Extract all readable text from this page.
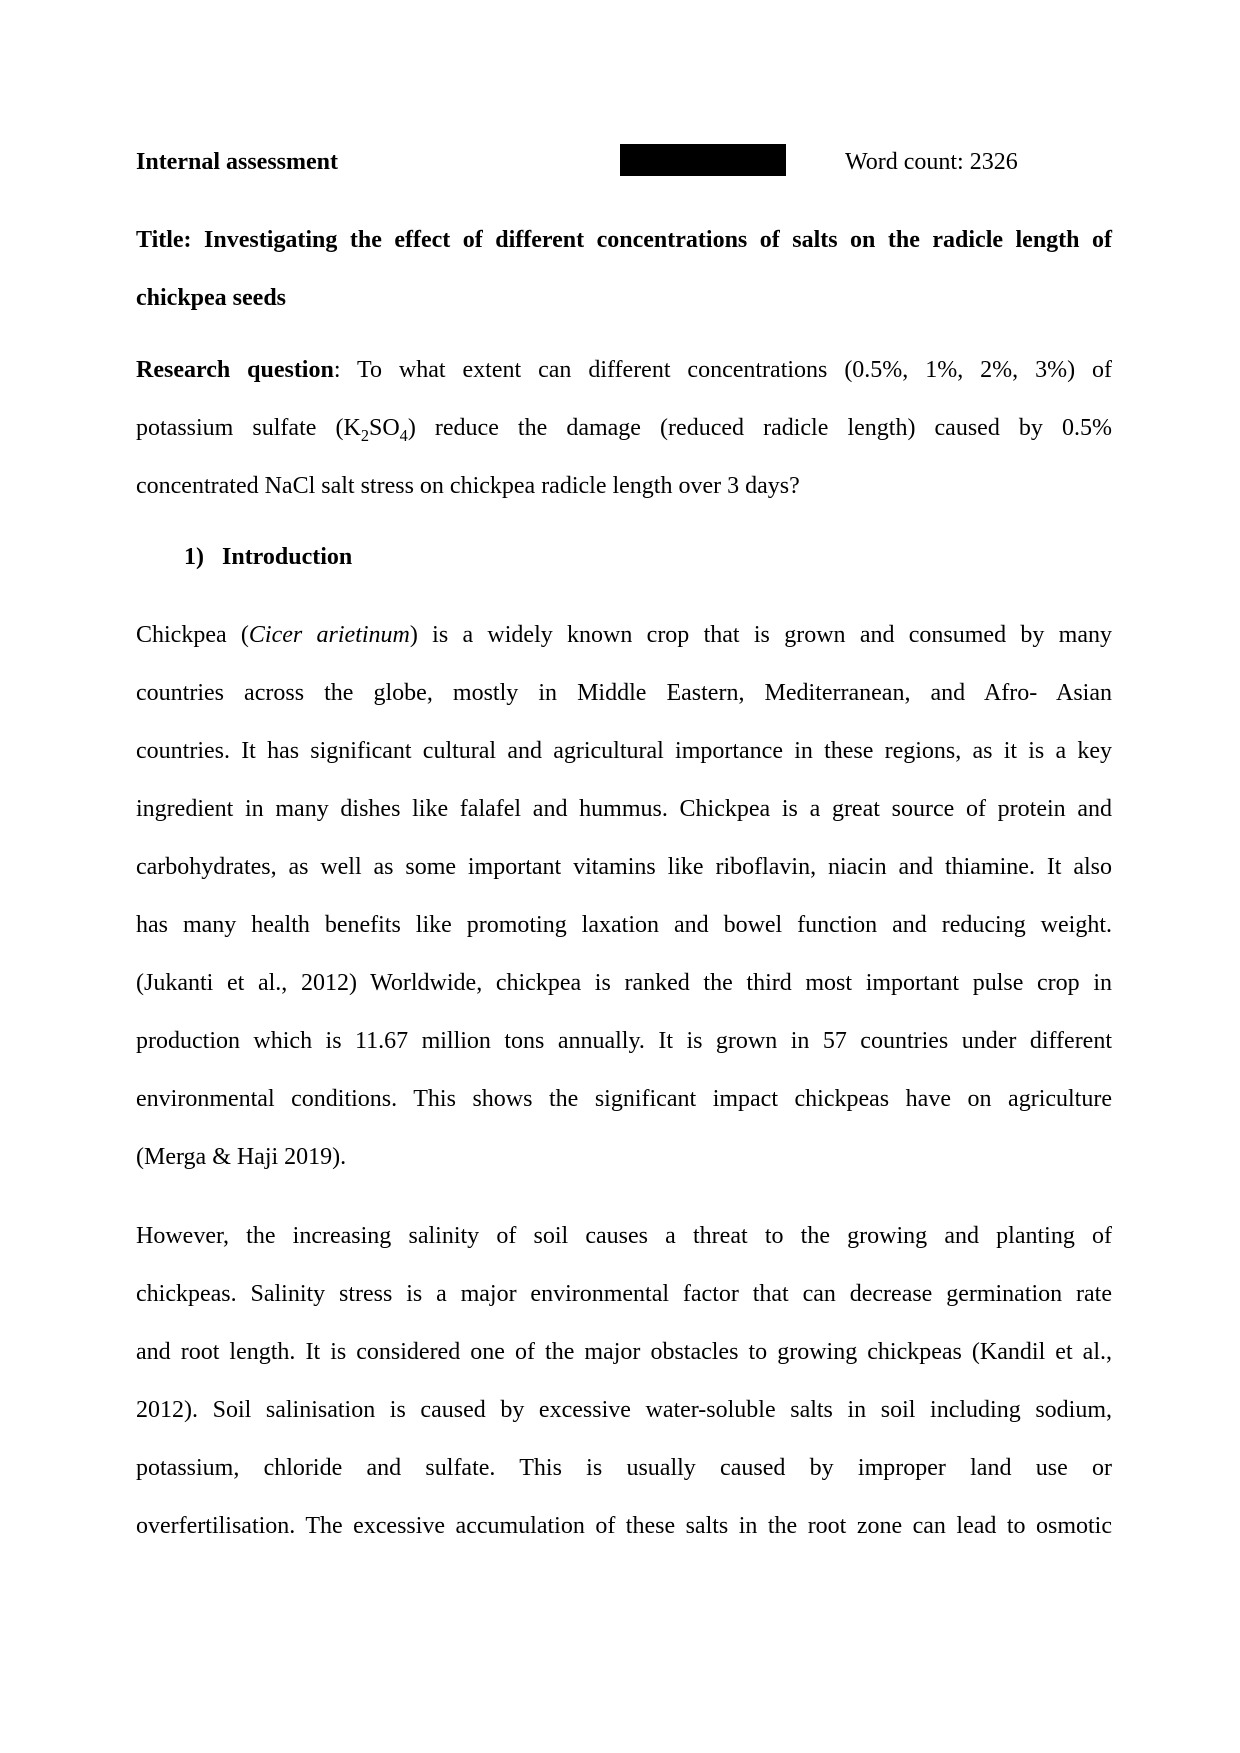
Internal assessment	Word count: 2326
Title: Investigating the effect of different concentrations of salts on the radicle length of
chickpea seeds
Research question: To what extent can different concentrations (0.5%, 1%, 2%, 3%) of
potassium sulfate $(K_2SO_4)$ reduce the damage (reduced radicle length) caused by 0.5%
concentrated NaCl salt stress on chickpea radicle length over 3 days?
1) Introduction
Chickpea (Cicer arietinum) is a widely known crop that is grown and consumed by many
countries across the globe, mostly in Middle Eastern, Mediterranean, and Afro- Asian
countries. It has significant cultural and agricultural importance in these regions, as it is a key
ingredient in many dishes like falafel and hummus. Chickpea is a great source of protein and
carbohydrates, as well as some important vitamins like riboflavin, niacin and thiamine. It also
has many health benefits like promoting laxation and bowel function and reducing weight.
(Jukanti et al., 2012) Worldwide, chickpea is ranked the third most important pulse crop in
production which is 11.67 million tons annually. It is grown in 57 countries under different
environmental conditions. This shows the significant impact chickpeas have on agriculture
(Merga & Haji 2019).
However, the increasing salinity of soil causes a threat to the growing and planting of
chickpeas. Salinity stress is a major environmental factor that can decrease germination rate
and root length. It is considered one of the major obstacles to growing chickpeas (Kandil et al.,
2012). Soil salinisation is caused by excessive water-soluble salts in soil including sodium,
potassium, chloride and sulfate. This is usually caused by improper land use or
overfertilisation. The excessive accumulation of these salts in the root zone can lead to osmotic
